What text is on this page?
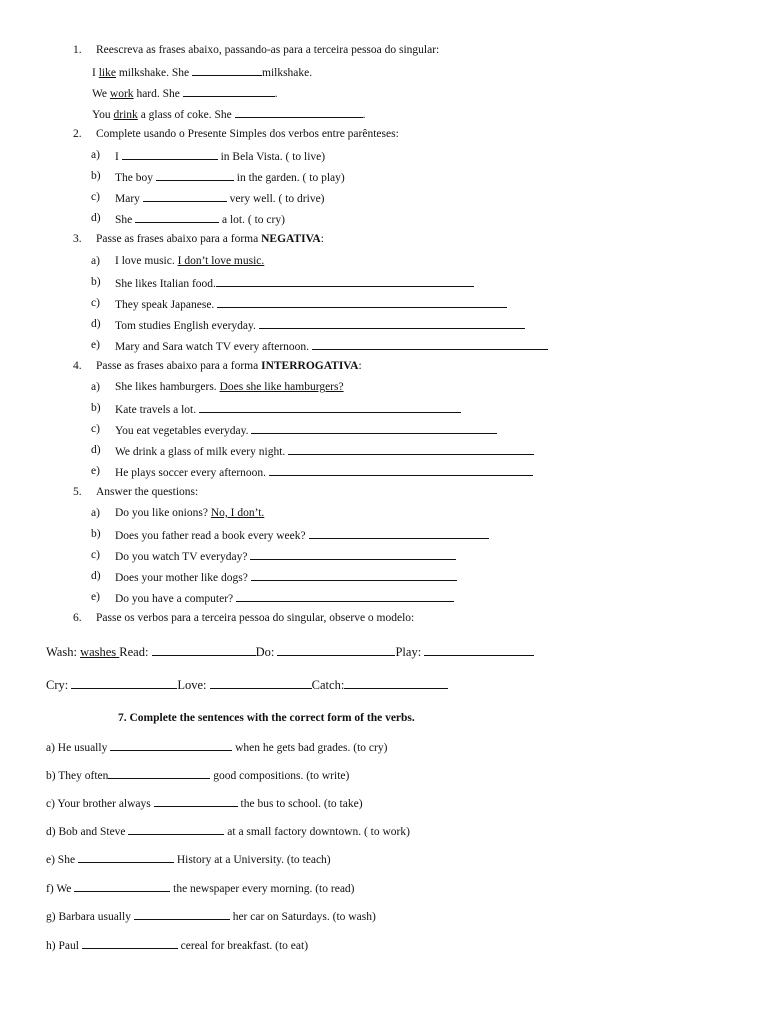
1. Reescreva as frases abaixo, passando-as para a terceira pessoa do singular:
I like milkshake. She	milkshake.
We work hard. She	.
You drink a glass of coke. She	.
2. Complete usando o Presente Simples dos verbos entre parênteses:
a) I	in Bela Vista. ( to live)
b) The boy	in the garden. ( to play)
c) Mary	very well. ( to drive)
d) She	a lot. ( to cry)
3. Passe as frases abaixo para a forma NEGATIVA:
a) I love music. I don’t love music.
b) She likes Italian food.
c) They speak Japanese.
d) Tom studies English everyday.
e) Mary and Sara watch TV every afternoon.
4. Passe as frases abaixo para a forma INTERROGATIVA:
a) She likes hamburgers. Does she like hamburgers?
b) Kate travels a lot.
c) You eat vegetables everyday.
d) We drink a glass of milk every night.
e) He plays soccer every afternoon.
5. Answer the questions:
a) Do you like onions? No, I don’t.
b) Does you father read a book every week?
c) Do you watch TV everyday?
d) Does your mother like dogs?
e) Do you have a computer?
6. Passe os verbos para a terceira pessoa do singular, observe o modelo:
Wash: washes Read:	Do:	Play:
Cry:	Love:	Catch:
7. Complete the sentences with the correct form of the verbs.
a) He usually	when he gets bad grades. (to cry)
b) They often	good compositions. (to write)
c) Your brother always	the bus to school. (to take)
d) Bob and Steve	at a small factory downtown. ( to work)
e) She	History at a University. (to teach)
f) We	the newspaper every morning. (to read)
g) Barbara usually	her car on Saturdays. (to wash)
h) Paul	cereal for breakfast. (to eat)
